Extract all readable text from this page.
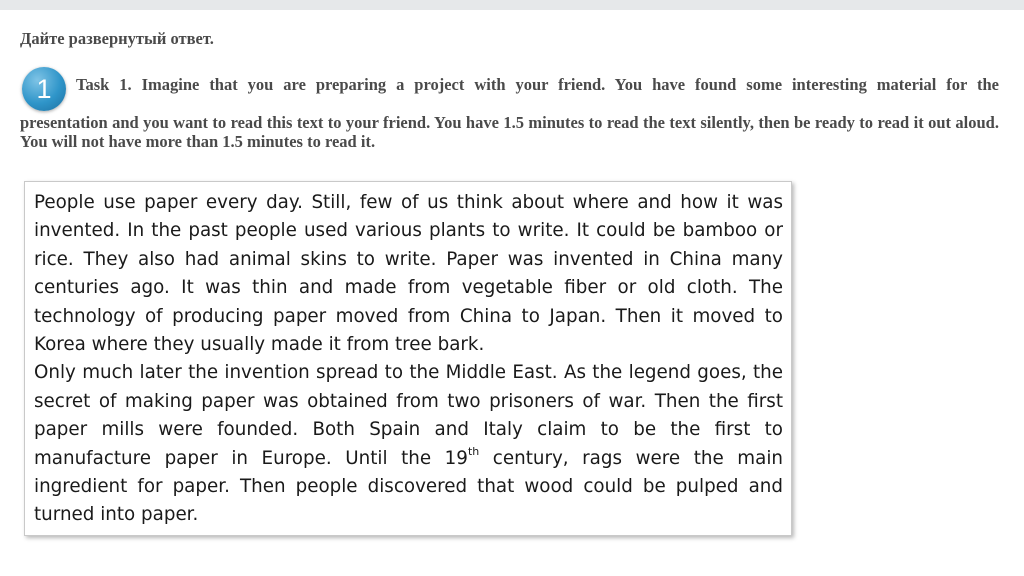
Дайте развернутый ответ.
1	Task 1. Imagine that you are preparing a project with your friend. You have found some interesting material for the
presentation and you want to read this text to your friend. You have 1.5 minutes to read the text silently, then be ready to read it out aloud. You will not have more than 1.5 minutes to read it.

People use paper every day. Still, few of us think about where and how it was invented. In the past people used various plants to write. It could be bamboo or rice. They also had animal skins to write. Paper was invented in China many centuries ago. It was thin and made from vegetable fiber or old cloth. The technology of producing paper moved from China to Japan. Then it moved to Korea where they usually made it from tree bark.

Only much later the invention spread to the Middle East. As the legend goes, the secret of making paper was obtained from two prisoners of war. Then the first paper mills were founded. Both Spain and Italy claim to be the first to manufacture paper in Europe. Until the 19th century, rags were the main ingredient for paper. Then people discovered that wood could be pulped and turned into paper.
